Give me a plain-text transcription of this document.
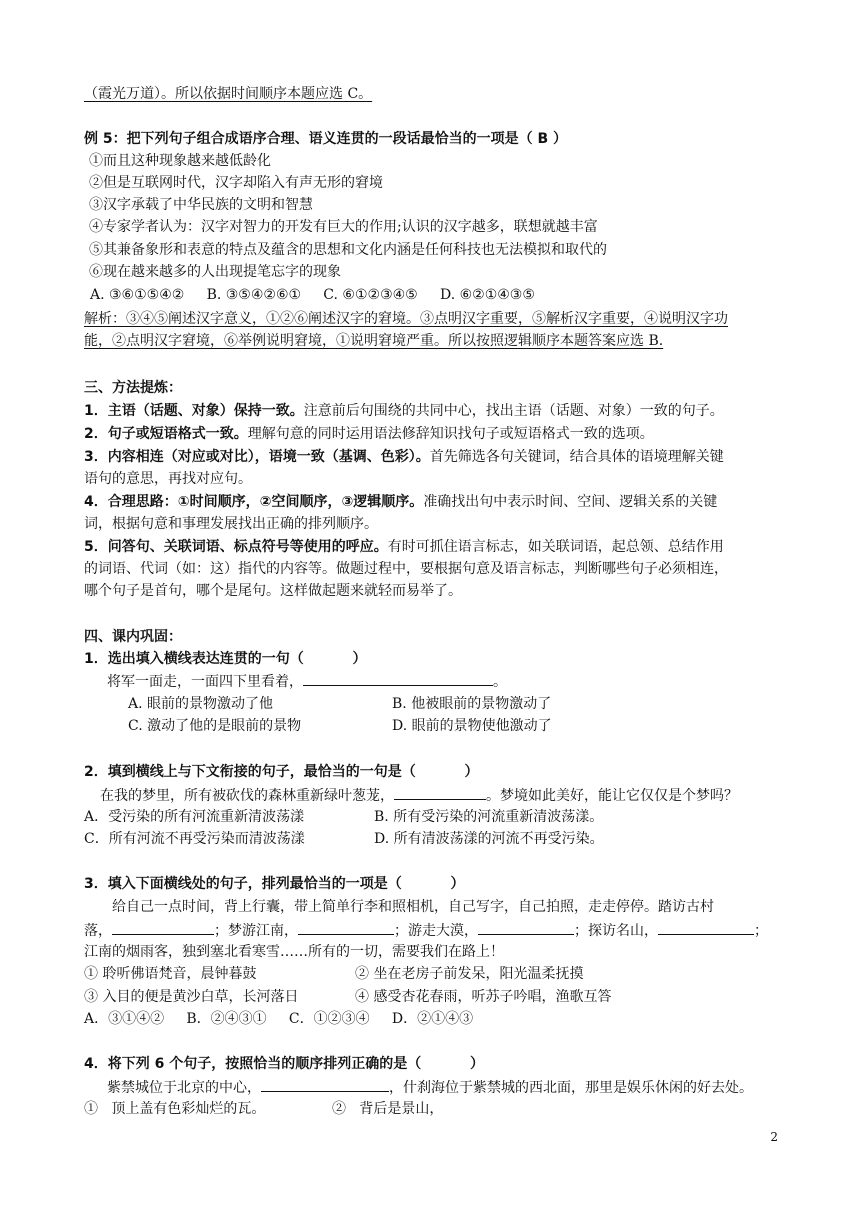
（霞光万道）。所以依据时间顺序本题应选 C。
例 5：把下列句子组合成语序合理、语义连贯的一段话最恰当的一项是（ B ）
①而且这种现象越来越低龄化
②但是互联网时代，汉字却陷入有声无形的窘境
③汉字承载了中华民族的文明和智慧
④专家学者认为：汉字对智力的开发有巨大的作用;认识的汉字越多，联想就越丰富
⑤其兼备象形和表意的特点及蕴含的思想和文化内涵是任何科技也无法模拟和取代的
⑥现在越来越多的人出现提笔忘字的现象
A. ③⑥①⑤④②     B. ③⑤④②⑥①     C. ⑥①②③④⑤     D. ⑥②①④③⑤
解析：③④⑤阐述汉字意义，①②⑥阐述汉字的窘境。③点明汉字重要，⑤解析汉字重要，④说明汉字功
能，②点明汉字窘境，⑥举例说明窘境，①说明窘境严重。所以按照逻辑顺序本题答案应选 B.
三、方法提炼：
1．主语（话题、对象）保持一致。注意前后句围绕的共同中心，找出主语（话题、对象）一致的句子。
2．句子或短语格式一致。理解句意的同时运用语法修辞知识找句子或短语格式一致的选项。
3．内容相连（对应或对比），语境一致（基调、色彩）。首先筛选各句关键词，结合具体的语境理解关键
语句的意思，再找对应句。
4．合理思路：①时间顺序，②空间顺序，③逻辑顺序。准确找出句中表示时间、空间、逻辑关系的关键
词，根据句意和事理发展找出正确的排列顺序。
5．问答句、关联词语、标点符号等使用的呼应。有时可抓住语言标志，如关联词语，起总领、总结作用
的词语、代词（如：这）指代的内容等。做题过程中，要根据句意及语言标志，判断哪些句子必须相连，
哪个句子是首句，哪个是尾句。这样做起题来就轻而易举了。
四、课内巩固：
1．选出填入横线表达连贯的一句（          ）
将军一面走，一面四下里看着，	。
A. 眼前的景物激动了他	B. 他被眼前的景物激动了
C. 激动了他的是眼前的景物	D. 眼前的景物使他激动了
2．填到横线上与下文衔接的句子，最恰当的一句是（          ）
在我的梦里，所有被砍伐的森林重新绿叶葱茏，	。梦境如此美好，能让它仅仅是个梦吗？
A．受污染的所有河流重新清波荡漾	B. 所有受污染的河流重新清波荡漾。
C．所有河流不再受污染而清波荡漾	D. 所有清波荡漾的河流不再受污染。
3．填入下面横线处的句子，排列最恰当的一项是（          ）
给自己一点时间，背上行囊，带上简单行李和照相机，自己写字，自己拍照，走走停停。踏访古村
落，	；梦游江南，	；游走大漠，	；探访名山，	；
江南的烟雨客，独到塞北看寒雪……所有的一切，需要我们在路上！
① 聆听佛语梵音，晨钟暮鼓	② 坐在老房子前发呆，阳光温柔抚摸
③ 入目的便是黄沙白草，长河落日	④ 感受杏花春雨，听苏子吟唱，渔歌互答
A．③①④②     B．②④③①     C．①②③④     D．②①④③
4．将下列 6 个句子，按照恰当的顺序排列正确的是（          ）
紫禁城位于北京的中心，	，什刹海位于紫禁城的西北面，那里是娱乐休闲的好去处。
①   顶上盖有色彩灿烂的瓦。	②   背后是景山，
2
